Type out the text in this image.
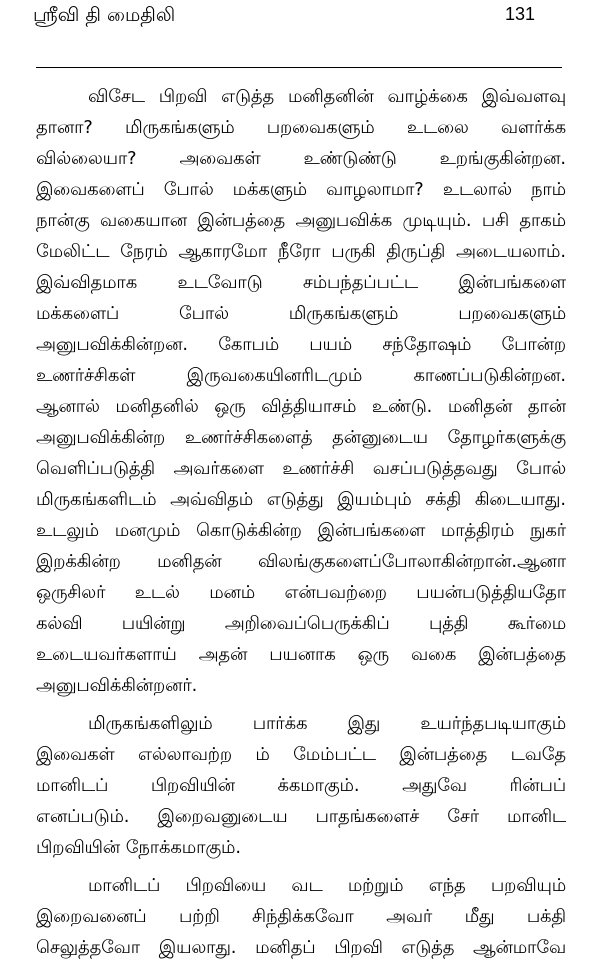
ஸ்ரீவி தி மைதிலி	131
விசேட பிறவி எடுத்த மனிதனின் வாழ்க்கை இவ்வளவு
தானா? மிருகங்களும் பறவைகளும் உடலை வளர்க்க
வில்லையா? அவைகள் உண்டுண்டு உறங்குகின்றன.
இவைகளைப் போல் மக்களும் வாழலாமா? உடலால் நாம்
நான்கு வகையான இன்பத்தை அனுபவிக்க முடியும். பசி தாகம்
மேலிட்ட நேரம் ஆகாரமோ நீரோ பருகி திருப்தி அடையலாம்.
இவ்விதமாக உடவோடு சம்பந்தப்பட்ட இன்பங்களை
மக்களைப் போல் மிருகங்களும் பறவைகளும்
அனுபவிக்கின்றன. கோபம் பயம் சந்தோஷம் போன்ற
உணர்ச்சிகள் இருவகையினரிடமும் காணப்படுகின்றன.
ஆனால் மனிதனில் ஒரு வித்தியாசம் உண்டு. மனிதன் தான்
அனுபவிக்கின்ற உணர்ச்சிகளைத் தன்னுடைய தோழர்களுக்கு
வெளிப்படுத்தி அவர்களை உணர்ச்சி வசப்படுத்தவது போல்
மிருகங்களிடம் அவ்விதம் எடுத்து இயம்பும் சக்தி கிடையாது.
உடலும் மனமும் கொடுக்கின்ற இன்பங்களை மாத்திரம் நுகர்
இறக்கின்ற மனிதன் விலங்குகளைப்போலாகின்றான்.ஆனா
ஒருசிலர் உடல் மனம் என்பவற்றை பயன்படுத்தியதோ
கல்வி பயின்று அறிவைப்பெருக்கிப் புத்தி கூர்மை
உடையவர்களாய் அதன் பயனாக ஒரு வகை இன்பத்தை
அனுபவிக்கின்றனர்.
மிருகங்களிலும் பார்க்க இது உயர்ந்தபடியாகும்
இவைகள் எல்லாவற்ற ம் மேம்பட்ட இன்பத்தை டவதே
மானிடப் பிறவியின் க்கமாகும். அதுவே ரின்பப்
எனப்படும். இறைவனுடைய பாதங்களைச் சேர் மானிட
பிறவியின் நோக்கமாகும்.
மானிடப் பிறவியை வட மற்றும் எந்த பறவியும்
இறைவனைப் பற்றி சிந்திக்கவோ அவர் மீது பக்தி
செலுத்தவோ இயலாது. மனிதப் பிறவி எடுத்த ஆன்மாவே
